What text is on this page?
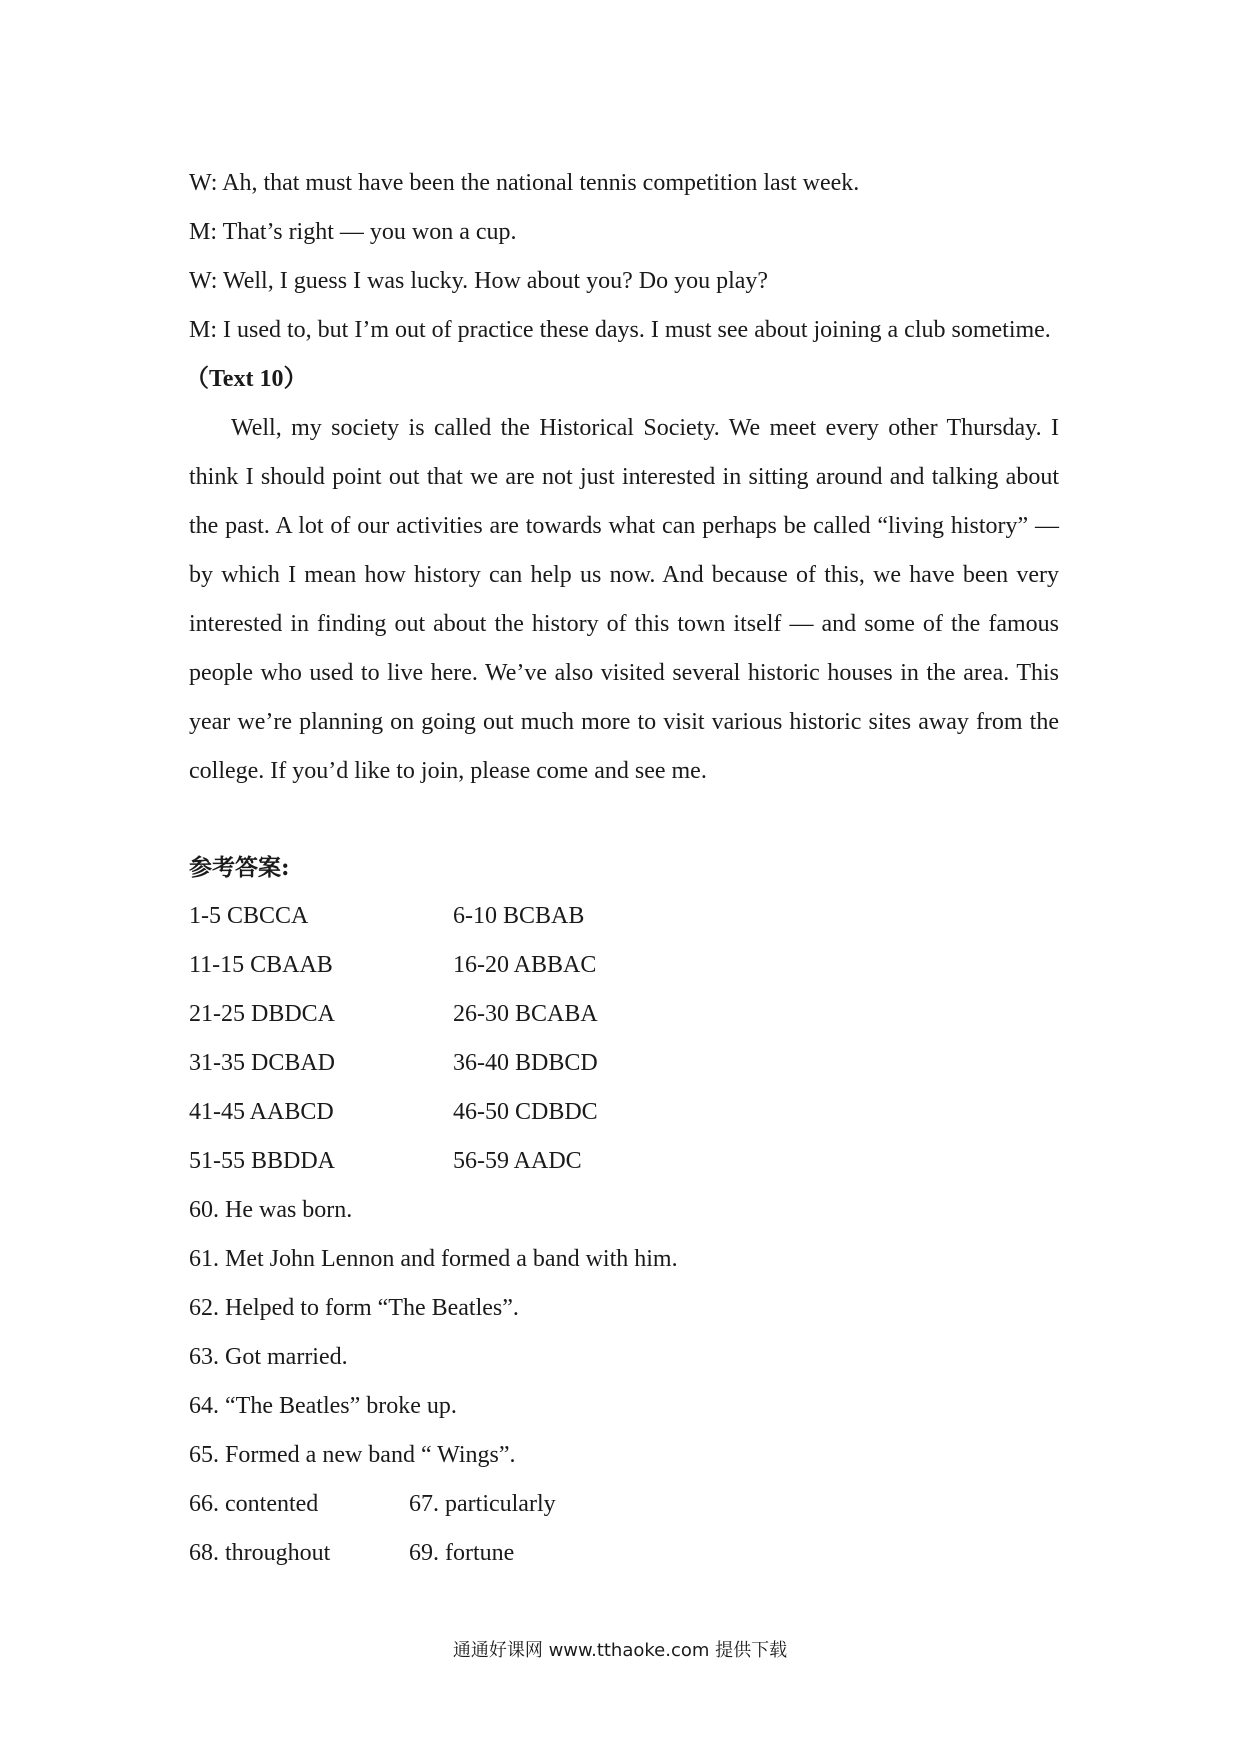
W: Ah, that must have been the national tennis competition last week.

M: That’s right — you won a cup.

W: Well, I guess I was lucky. How about you? Do you play?

M: I used to, but I’m out of practice these days. I must see about joining a club sometime.

（Text 10）

Well, my society is called the Historical Society. We meet every other Thursday. I think I should point out that we are not just interested in sitting around and talking about the past. A lot of our activities are towards what can perhaps be called “living history” — by which I mean how history can help us now. And because of this, we have been very interested in finding out about the history of this town itself — and some of the famous people who used to live here. We’ve also visited several historic houses in the area. This year we’re planning on going out much more to visit various historic sites away from the college. If you’d like to join, please come and see me.

参考答案:

1-5 CBCCA	6-10 BCBAB
11-15 CBAAB	16-20 ABBAC
21-25 DBDCA	26-30 BCABA
31-35 DCBAD	36-40 BDBCD
41-45 AABCD	46-50 CDBDC
51-55 BBDDA	56-59 AADC

60. He was born.

61. Met John Lennon and formed a band with him.

62. Helped to form “The Beatles”.

63. Got married.

64. “The Beatles” broke up.

65. Formed a new band “ Wings”.

66. contented	67. particularly
68. throughout	69. fortune
通通好课网 www.tthaoke.com 提供下载
